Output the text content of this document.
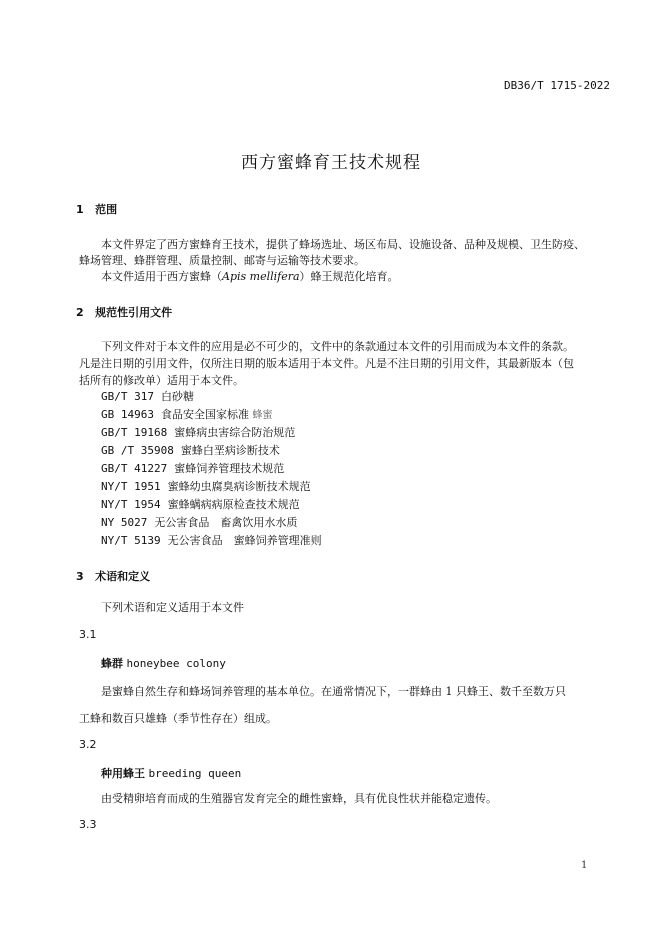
DB36/T 1715-2022
西方蜜蜂育王技术规程
1 范围
本文件界定了西方蜜蜂育王技术，提供了蜂场选址、场区布局、设施设备、品种及规模、卫生防疫、
蜂场管理、蜂群管理、质量控制、邮寄与运输等技术要求。
本文件适用于西方蜜蜂（Apis mellifera）蜂王规范化培育。
2 规范性引用文件
下列文件对于本文件的应用是必不可少的，文件中的条款通过本文件的引用而成为本文件的条款。
凡是注日期的引用文件，仅所注日期的版本适用于本文件。凡是不注日期的引用文件，其最新版本（包
括所有的修改单）适用于本文件。
GB/T 317 白砂糖
GB 14963 食品安全国家标准 蜂蜜
GB/T 19168 蜜蜂病虫害综合防治规范
GB /T 35908 蜜蜂白垩病诊断技术
GB/T 41227 蜜蜂饲养管理技术规范
NY/T 1951 蜜蜂幼虫腐臭病诊断技术规范
NY/T 1954 蜜蜂螨病病原检查技术规范
NY 5027 无公害食品　畜禽饮用水水质
NY/T 5139 无公害食品　蜜蜂饲养管理准则
3 术语和定义
下列术语和定义适用于本文件
3.1
蜂群 honeybee colony
是蜜蜂自然生存和蜂场饲养管理的基本单位。在通常情况下，一群蜂由 1 只蜂王、数千至数万只
工蜂和数百只雄蜂（季节性存在）组成。
3.2
种用蜂王 breeding queen
由受精卵培育而成的生殖器官发育完全的雌性蜜蜂，具有优良性状并能稳定遗传。
3.3
1
